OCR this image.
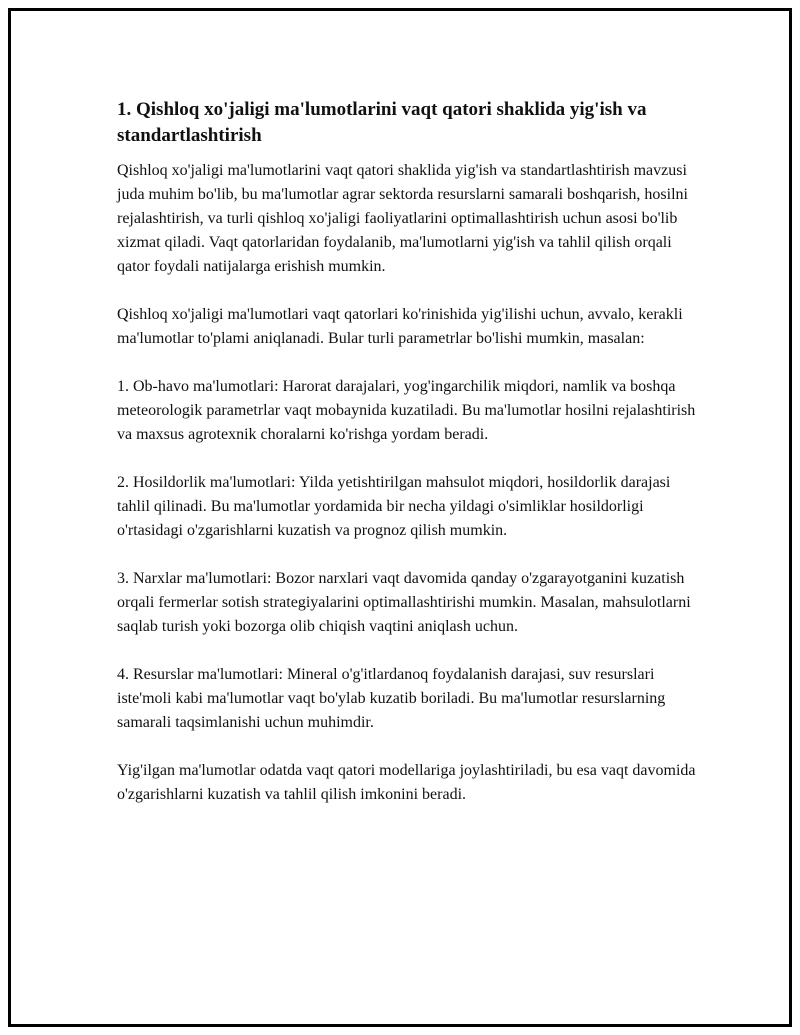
1. Qishloq xo'jaligi ma'lumotlarini vaqt qatori shaklida yig'ish va standartlashtirish

Qishloq xo'jaligi ma'lumotlarini vaqt qatori shaklida yig'ish va standartlashtirish mavzusi juda muhim bo'lib, bu ma'lumotlar agrar sektorda resurslarni samarali boshqarish, hosilni rejalashtirish, va turli qishloq xo'jaligi faoliyatlarini optimallashtirish uchun asosi bo'lib xizmat qiladi. Vaqt qatorlaridan foydalanib, ma'lumotlarni yig'ish va tahlil qilish orqali qator foydali natijalarga erishish mumkin.

Qishloq xo'jaligi ma'lumotlari vaqt qatorlari ko'rinishida yig'ilishi uchun, avvalo, kerakli ma'lumotlar to'plami aniqlanadi. Bular turli parametrlar bo'lishi mumkin, masalan:

1. Ob-havo ma'lumotlari: Harorat darajalari, yog'ingarchilik miqdori, namlik va boshqa meteorologik parametrlar vaqt mobaynida kuzatiladi. Bu ma'lumotlar hosilni rejalashtirish va maxsus agrotexnik choralarni ko'rishga yordam beradi.

2. Hosildorlik ma'lumotlari: Yilda yetishtirilgan mahsulot miqdori, hosildorlik darajasi tahlil qilinadi. Bu ma'lumotlar yordamida bir necha yildagi o'simliklar hosildorligi o'rtasidagi o'zgarishlarni kuzatish va prognoz qilish mumkin.

3. Narxlar ma'lumotlari: Bozor narxlari vaqt davomida qanday o'zgarayotganini kuzatish orqali fermerlar sotish strategiyalarini optimallashtirishi mumkin. Masalan, mahsulotlarni saqlab turish yoki bozorga olib chiqish vaqtini aniqlash uchun.

4. Resurslar ma'lumotlari: Mineral o'g'itlardanoq foydalanish darajasi, suv resurslari iste'moli kabi ma'lumotlar vaqt bo'ylab kuzatib boriladi. Bu ma'lumotlar resurslarning samarali taqsimlanishi uchun muhimdir.

Yig'ilgan ma'lumotlar odatda vaqt qatori modellariga joylashtiriladi, bu esa vaqt davomida o'zgarishlarni kuzatish va tahlil qilish imkonini beradi.
